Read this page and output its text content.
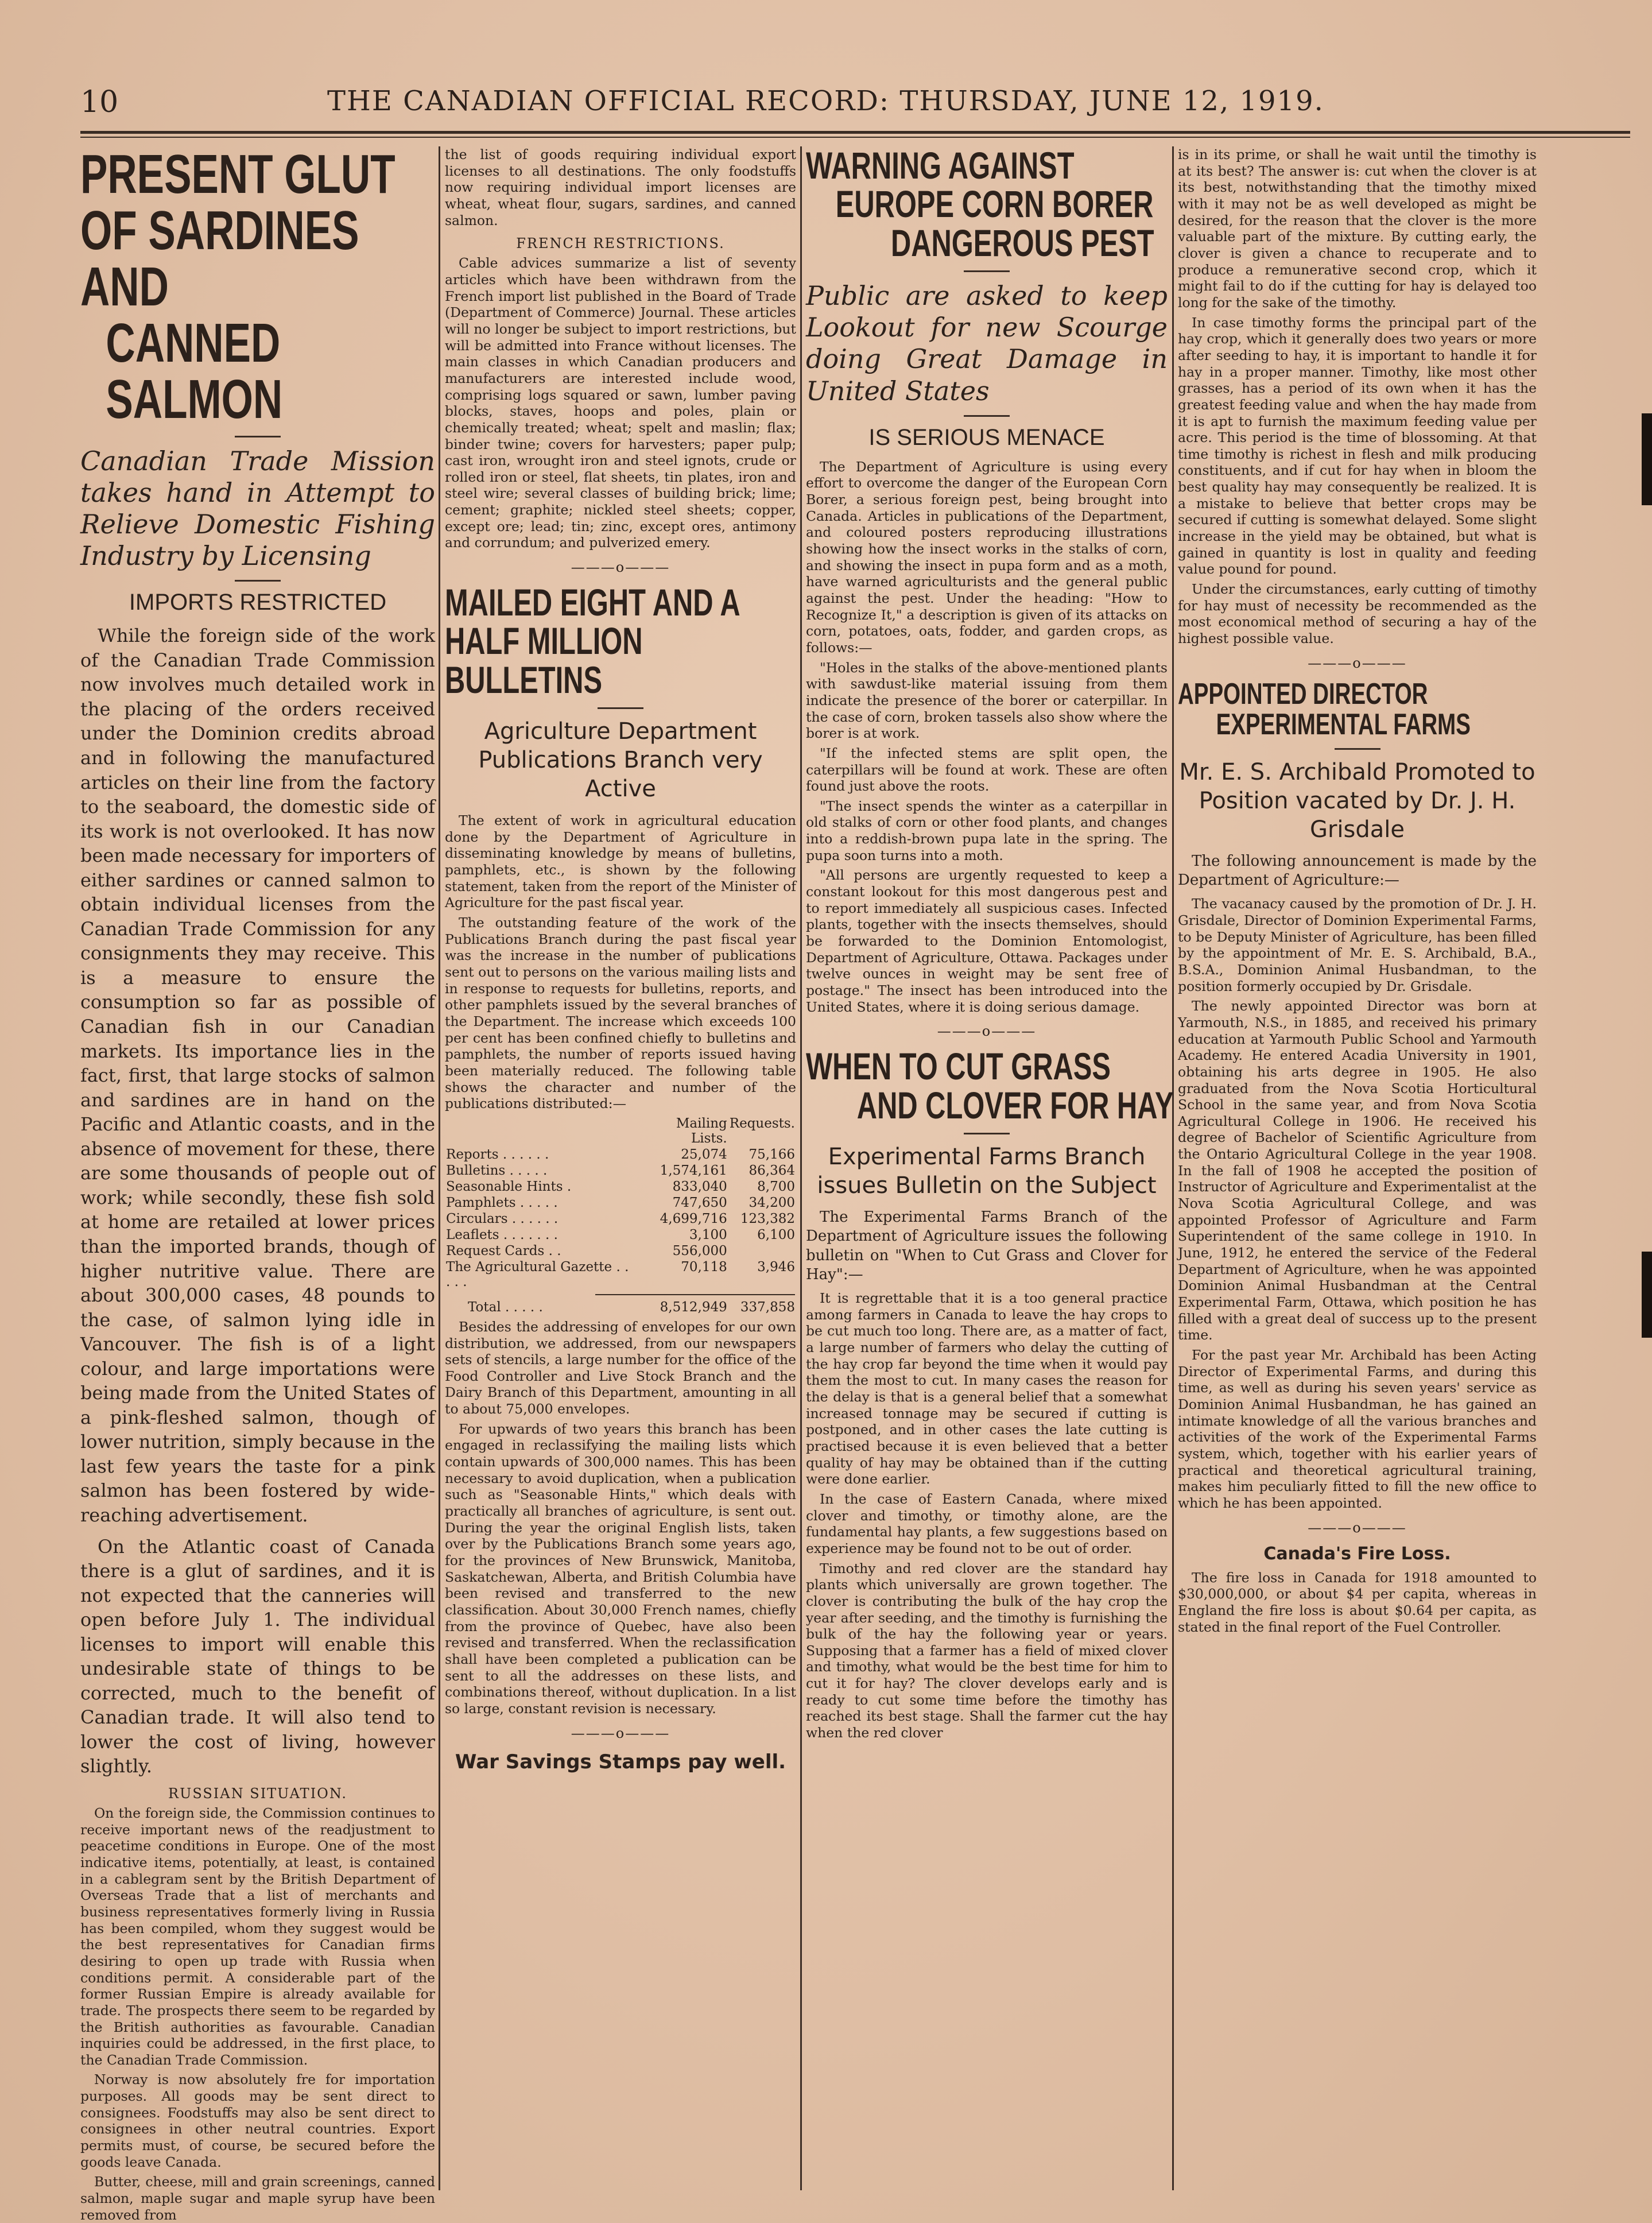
10	THE CANADIAN OFFICIAL RECORD: THURSDAY, JUNE 12, 1919.
PRESENT GLUT
OF SARDINES AND
CANNED SALMON

Canadian Trade Mission takes hand in Attempt to Relieve Domestic Fishing Industry by Licensing

IMPORTS RESTRICTED

While the foreign side of the work of the Canadian Trade Commission now involves much detailed work in the placing of the orders received under the Dominion credits abroad and in following the manufactured articles on their line from the factory to the seaboard, the domestic side of its work is not overlooked. It has now been made necessary for importers of either sardines or canned salmon to obtain individual licenses from the Canadian Trade Commission for any consignments they may receive. This is a measure to ensure the consumption so far as possible of Canadian fish in our Canadian markets. Its importance lies in the fact, first, that large stocks of salmon and sardines are in hand on the Pacific and Atlantic coasts, and in the absence of movement for these, there are some thousands of people out of work; while secondly, these fish sold at home are retailed at lower prices than the imported brands, though of higher nutritive value. There are about 300,000 cases, 48 pounds to the case, of salmon lying idle in Vancouver. The fish is of a light colour, and large importations were being made from the United States of a pink-fleshed salmon, though of lower nutrition, simply because in the last few years the taste for a pink salmon has been fostered by wide-reaching advertisement.

On the Atlantic coast of Canada there is a glut of sardines, and it is not expected that the canneries will open before July 1. The individual licenses to import will enable this undesirable state of things to be corrected, much to the benefit of Canadian trade. It will also tend to lower the cost of living, however slightly.

RUSSIAN SITUATION.

On the foreign side, the Commission continues to receive important news of the readjustment to peacetime conditions in Europe. One of the most indicative items, potentially, at least, is contained in a cablegram sent by the British Department of Overseas Trade that a list of merchants and business representatives formerly living in Russia has been compiled, whom they suggest would be the best representatives for Canadian firms desiring to open up trade with Russia when conditions permit. A considerable part of the former Russian Empire is already available for trade. The prospects there seem to be regarded by the British authorities as favourable. Canadian inquiries could be addressed, in the first place, to the Canadian Trade Commission.

Norway is now absolutely fre for importation purposes. All goods may be sent direct to consignees. Foodstuffs may also be sent direct to consignees in other neutral countries. Export permits must, of course, be secured before the goods leave Canada.

Butter, cheese, mill and grain screenings, canned salmon, maple sugar and maple syrup have been removed from

the list of goods requiring individual export licenses to all destinations. The only foodstuffs now requiring individual import licenses are wheat, wheat flour, sugars, sardines, and canned salmon.

FRENCH RESTRICTIONS.

Cable advices summarize a list of seventy articles which have been withdrawn from the French import list published in the Board of Trade (Department of Commerce) Journal. These articles will no longer be subject to import restrictions, but will be admitted into France without licenses. The main classes in which Canadian producers and manufacturers are interested include wood, comprising logs squared or sawn, lumber paving blocks, staves, hoops and poles, plain or chemically treated; wheat; spelt and maslin; flax; binder twine; covers for harvesters; paper pulp; cast iron, wrought iron and steel ignots, crude or rolled iron or steel, flat sheets, tin plates, iron and steel wire; several classes of building brick; lime; cement; graphite; nickled steel sheets; copper, except ore; lead; tin; zinc, except ores, antimony and corrundum; and pulverized emery.

———o———
MAILED EIGHT AND A
HALF MILLION BULLETINS

Agriculture Department Publications Branch very Active

The extent of work in agricultural education done by the Department of Agriculture in disseminating knowledge by means of bulletins, pamphlets, etc., is shown by the following statement, taken from the report of the Minister of Agriculture for the past fiscal year.

The outstanding feature of the work of the Publications Branch during the past fiscal year was the increase in the number of publications sent out to persons on the various mailing lists and in response to requests for bulletins, reports, and other pamphlets issued by the several branches of the Department. The increase which exceeds 100 per cent has been confined chiefly to bulletins and pamphlets, the number of reports issued having been materially reduced. The following table shows the character and number of the publications distributed:—

	Mailing Lists.	Requests.
Reports . . . . . .	25,074	75,166
Bulletins . . . . .	1,574,161	86,364
Seasonable Hints .	833,040	8,700
Pamphlets . . . . .	747,650	34,200
Circulars . . . . . .	4,699,716	123,382
Leaflets . . . . . . .	3,100	6,100
Request Cards . .	556,000	
The Agricultural Gazette . . . . .	70,118	3,946

Total . . . . .	8,512,949	337,858

Besides the addressing of envelopes for our own distribution, we addressed, from our newspapers sets of stencils, a large number for the office of the Food Controller and Live Stock Branch and the Dairy Branch of this Department, amounting in all to about 75,000 envelopes.

For upwards of two years this branch has been engaged in reclassifying the mailing lists which contain upwards of 300,000 names. This has been necessary to avoid duplication, when a publication such as "Seasonable Hints," which deals with practically all branches of agriculture, is sent out. During the year the original English lists, taken over by the Publications Branch some years ago, for the provinces of New Brunswick, Manitoba, Saskatchewan, Alberta, and British Columbia have been revised and transferred to the new classification. About 30,000 French names, chiefly from the province of Quebec, have also been revised and transferred. When the reclassification shall have been completed a publication can be sent to all the addresses on these lists, and combinations thereof, without duplication. In a list so large, constant revision is necessary.

———o———
War Savings Stamps pay well.
WARNING AGAINST
EUROPE CORN BORER
DANGEROUS PEST

Public are asked to keep Lookout for new Scourge doing Great Damage in United States

IS SERIOUS MENACE

The Department of Agriculture is using every effort to overcome the danger of the European Corn Borer, a serious foreign pest, being brought into Canada. Articles in publications of the Department, and coloured posters reproducing illustrations showing how the insect works in the stalks of corn, and showing the insect in pupa form and as a moth, have warned agriculturists and the general public against the pest. Under the heading: "How to Recognize It," a description is given of its attacks on corn, potatoes, oats, fodder, and garden crops, as follows:—

"Holes in the stalks of the above-mentioned plants with sawdust-like material issuing from them indicate the presence of the borer or caterpillar. In the case of corn, broken tassels also show where the borer is at work.

"If the infected stems are split open, the caterpillars will be found at work. These are often found just above the roots.

"The insect spends the winter as a caterpillar in old stalks of corn or other food plants, and changes into a reddish-brown pupa late in the spring. The pupa soon turns into a moth.

"All persons are urgently requested to keep a constant lookout for this most dangerous pest and to report immediately all suspicious cases. Infected plants, together with the insects themselves, should be forwarded to the Dominion Entomologist, Department of Agriculture, Ottawa. Packages under twelve ounces in weight may be sent free of postage." The insect has been introduced into the United States, where it is doing serious damage.

———o———
WHEN TO CUT GRASS
AND CLOVER FOR HAY

Experimental Farms Branch issues Bulletin on the Subject

The Experimental Farms Branch of the Department of Agriculture issues the following bulletin on "When to Cut Grass and Clover for Hay":—

It is regrettable that it is a too general practice among farmers in Canada to leave the hay crops to be cut much too long. There are, as a matter of fact, a large number of farmers who delay the cutting of the hay crop far beyond the time when it would pay them the most to cut. In many cases the reason for the delay is that is a general belief that a somewhat increased tonnage may be secured if cutting is postponed, and in other cases the late cutting is practised because it is even believed that a better quality of hay may be obtained than if the cutting were done earlier.

In the case of Eastern Canada, where mixed clover and timothy, or timothy alone, are the fundamental hay plants, a few suggestions based on experience may be found not to be out of order.

Timothy and red clover are the standard hay plants which universally are grown together. The clover is contributing the bulk of the hay crop the year after seeding, and the timothy is furnishing the bulk of the hay the following year or years. Supposing that a farmer has a field of mixed clover and timothy, what would be the best time for him to cut it for hay? The clover develops early and is ready to cut some time before the timothy has reached its best stage. Shall the farmer cut the hay when the red clover

is in its prime, or shall he wait until the timothy is at its best? The answer is: cut when the clover is at its best, notwithstanding that the timothy mixed with it may not be as well developed as might be desired, for the reason that the clover is the more valuable part of the mixture. By cutting early, the clover is given a chance to recuperate and to produce a remunerative second crop, which it might fail to do if the cutting for hay is delayed too long for the sake of the timothy.

In case timothy forms the principal part of the hay crop, which it generally does two years or more after seeding to hay, it is important to handle it for hay in a proper manner. Timothy, like most other grasses, has a period of its own when it has the greatest feeding value and when the hay made from it is apt to furnish the maximum feeding value per acre. This period is the time of blossoming. At that time timothy is richest in flesh and milk producing constituents, and if cut for hay when in bloom the best quality hay may consequently be realized. It is a mistake to believe that better crops may be secured if cutting is somewhat delayed. Some slight increase in the yield may be obtained, but what is gained in quantity is lost in quality and feeding value pound for pound.

Under the circumstances, early cutting of timothy for hay must of necessity be recommended as the most economical method of securing a hay of the highest possible value.

———o———
APPOINTED DIRECTOR
EXPERIMENTAL FARMS

Mr. E. S. Archibald Promoted to Position vacated by Dr. J. H. Grisdale

The following announcement is made by the Department of Agriculture:—

The vacanacy caused by the promotion of Dr. J. H. Grisdale, Director of Dominion Experimental Farms, to be Deputy Minister of Agriculture, has been filled by the appointment of Mr. E. S. Archibald, B.A., B.S.A., Dominion Animal Husbandman, to the position formerly occupied by Dr. Grisdale.

The newly appointed Director was born at Yarmouth, N.S., in 1885, and received his primary education at Yarmouth Public School and Yarmouth Academy. He entered Acadia University in 1901, obtaining his arts degree in 1905. He also graduated from the Nova Scotia Horticultural School in the same year, and from Nova Scotia Agricultural College in 1906. He received his degree of Bachelor of Scientific Agriculture from the Ontario Agricultural College in the year 1908. In the fall of 1908 he accepted the position of Instructor of Agriculture and Experimentalist at the Nova Scotia Agricultural College, and was appointed Professor of Agriculture and Farm Superintendent of the same college in 1910. In June, 1912, he entered the service of the Federal Department of Agriculture, when he was appointed Dominion Animal Husbandman at the Central Experimental Farm, Ottawa, which position he has filled with a great deal of success up to the present time.

For the past year Mr. Archibald has been Acting Director of Experimental Farms, and during this time, as well as during his seven years' service as Dominion Animal Husbandman, he has gained an intimate knowledge of all the various branches and activities of the work of the Experimental Farms system, which, together with his earlier years of practical and theoretical agricultural training, makes him peculiarly fitted to fill the new office to which he has been appointed.

———o———
Canada's Fire Loss.

The fire loss in Canada for 1918 amounted to $30,000,000, or about $4 per capita, whereas in England the fire loss is about $0.64 per capita, as stated in the final report of the Fuel Controller.
